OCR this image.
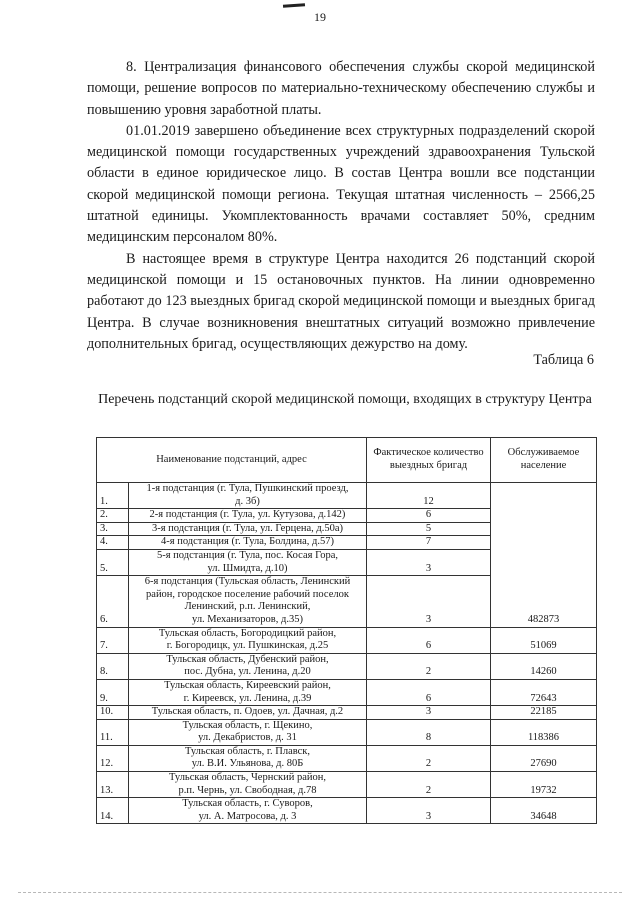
19

8. Централизация финансового обеспечения службы скорой медицинской помощи, решение вопросов по материально-техническому обеспечению службы и повышению уровня заработной платы.

01.01.2019 завершено объединение всех структурных подразделений скорой медицинской помощи государственных учреждений здравоохранения Тульской области в единое юридическое лицо. В состав Центра вошли все подстанции скорой медицинской помощи региона. Текущая штатная численность – 2566,25 штатной единицы. Укомплектованность врачами составляет 50%, средним медицинским персоналом 80%.

В настоящее время в структуре Центра находится 26 подстанций скорой медицинской помощи и 15 остановочных пунктов. На линии одновременно работают до 123 выездных бригад скорой медицинской помощи и выездных бригад Центра. В случае возникновения внештатных ситуаций возможно привлечение дополнительных бригад, осуществляющих дежурство на дому.

Таблица 6
Перечень подстанций скорой медицинской помощи, входящих в структуру Центра
Наименование подстанций, адрес		Фактическое количество выездных бригад	Обслуживаемое население
1.	1-я подстанция (г. Тула, Пушкинский проезд,
д. 3б)	12	482873
2.	2-я подстанция (г. Тула, ул. Кутузова, д.142)	6	
3.	3-я подстанция (г. Тула, ул. Герцена, д.50а)	5	
4.	4-я подстанция (г. Тула, Болдина, д.57)	7	
5.	5-я подстанция (г. Тула, пос. Косая Гора,
ул. Шмидта, д.10)	3	
6.	6-я подстанция (Тульская область, Ленинский
район, городское поселение рабочий поселок
Ленинский, р.п. Ленинский,
ул. Механизаторов, д.35)	3	
7.	Тульская область, Богородицкий район,
г. Богородицк, ул. Пушкинская, д.25	6	51069
8.	Тульская область, Дубенский район,
пос. Дубна, ул. Ленина, д.20	2	14260
9.	Тульская область, Киреевский район,
г. Киреевск, ул. Ленина, д.39	6	72643
10.	Тульская область, п. Одоев, ул. Дачная, д.2	3	22185
11.	Тульская область, г. Щекино,
ул. Декабристов, д. 31	8	118386
12.	Тульская область, г. Плавск,
ул. В.И. Ульянова, д. 80Б	2	27690
13.	Тульская область, Чернский район,
р.п. Чернь, ул. Свободная, д.78	2	19732
14.	Тульская область, г. Суворов,
ул. А. Матросова, д. 3	3	34648
